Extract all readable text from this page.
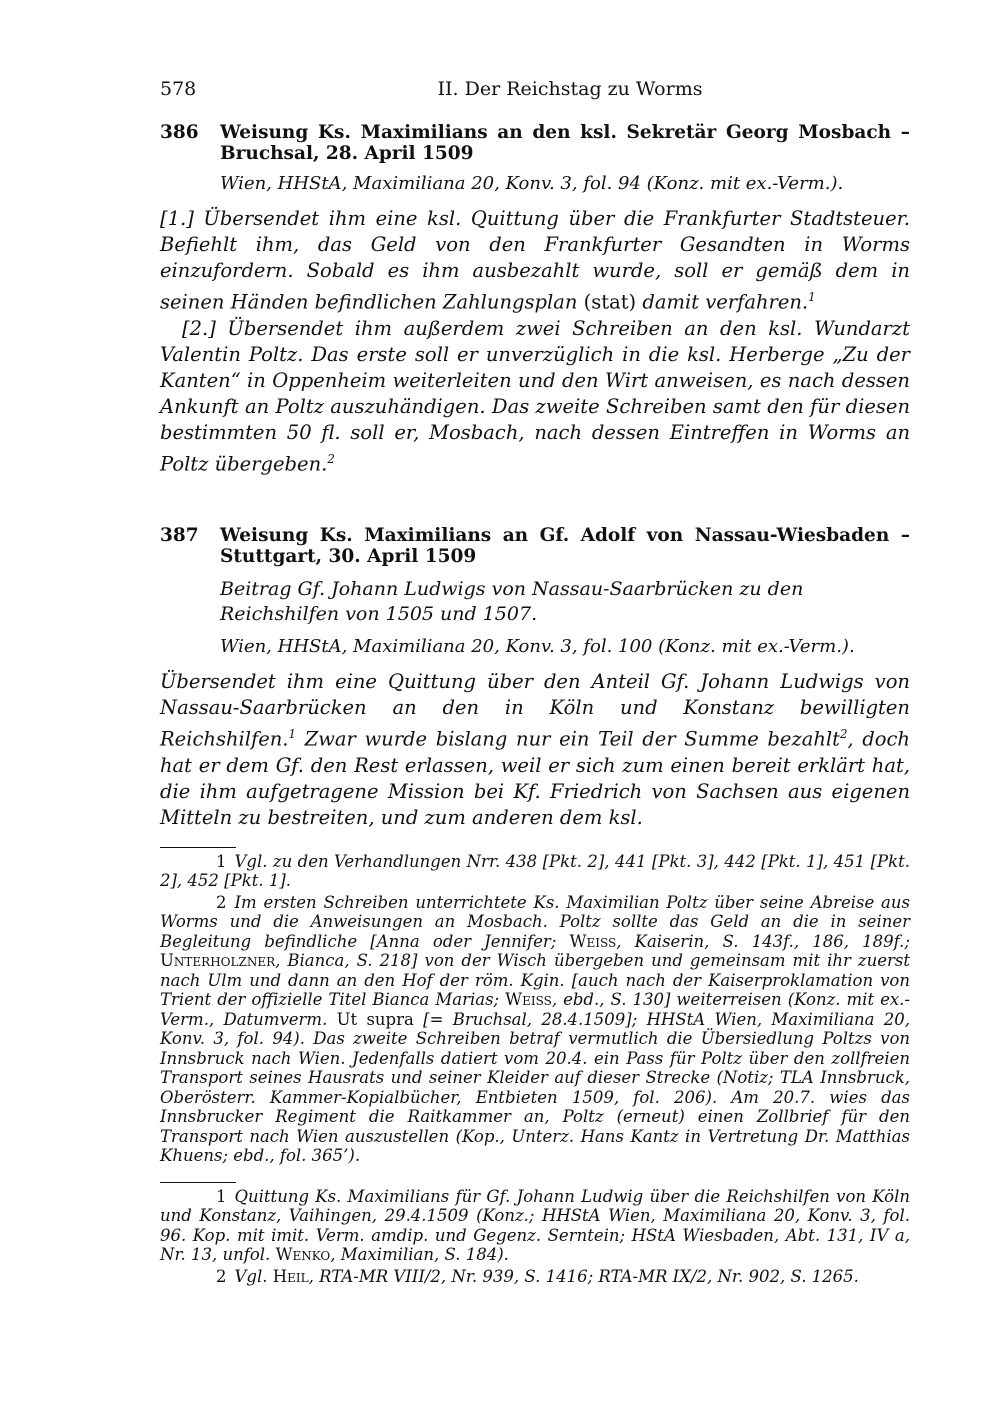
578	II. Der Reichstag zu Worms
386	Weisung Ks. Maximilians an den ksl. Sekretär Georg Mosbach – Bruchsal, 28. April 1509
Wien, HHStA, Maximiliana 20, Konv. 3, fol. 94 (Konz. mit ex.-Verm.).

[1.] Übersendet ihm eine ksl. Quittung über die Frankfurter Stadtsteuer. Befiehlt ihm, das Geld von den Frankfurter Gesandten in Worms einzufordern. Sobald es ihm ausbezahlt wurde, soll er gemäß dem in seinen Händen befindlichen Zahlungsplan (stat) damit verfahren.$^1$

[2.] Übersendet ihm außerdem zwei Schreiben an den ksl. Wundarzt Valentin Poltz. Das erste soll er unverzüglich in die ksl. Herberge „Zu der Kanten“ in Oppenheim weiterleiten und den Wirt anweisen, es nach dessen Ankunft an Poltz auszuhändigen. Das zweite Schreiben samt den für diesen bestimmten 50 fl. soll er, Mosbach, nach dessen Eintreffen in Worms an Poltz übergeben.$^2$

387	Weisung Ks. Maximilians an Gf. Adolf von Nassau-Wiesbaden – Stuttgart, 30. April 1509
Beitrag Gf. Johann Ludwigs von Nassau-Saarbrücken zu den Reichshilfen von 1505 und 1507.
Wien, HHStA, Maximiliana 20, Konv. 3, fol. 100 (Konz. mit ex.-Verm.).

Übersendet ihm eine Quittung über den Anteil Gf. Johann Ludwigs von Nassau-Saarbrücken an den in Köln und Konstanz bewilligten Reichshilfen.$^1$ Zwar wurde bislang nur ein Teil der Summe bezahlt$^2$, doch hat er dem Gf. den Rest erlassen, weil er sich zum einen bereit erklärt hat, die ihm aufgetragene Mission bei Kf. Friedrich von Sachsen aus eigenen Mitteln zu bestreiten, und zum anderen dem ksl.

1 Vgl. zu den Verhandlungen Nrr. 438 [Pkt. 2], 441 [Pkt. 3], 442 [Pkt. 1], 451 [Pkt. 2], 452 [Pkt. 1].

2 Im ersten Schreiben unterrichtete Ks. Maximilian Poltz über seine Abreise aus Worms und die Anweisungen an Mosbach. Poltz sollte das Geld an die in seiner Begleitung befindliche [Anna oder Jennifer; Weiss, Kaiserin, S. 143f., 186, 189f.; Unterholzner, Bianca, S. 218] von der Wisch übergeben und gemeinsam mit ihr zuerst nach Ulm und dann an den Hof der röm. Kgin. [auch nach der Kaiserproklamation von Trient der offizielle Titel Bianca Marias; Weiss, ebd., S. 130] weiterreisen (Konz. mit ex.-Verm., Datumverm. Ut supra [= Bruchsal, 28.4.1509]; HHStA Wien, Maximiliana 20, Konv. 3, fol. 94). Das zweite Schreiben betraf vermutlich die Übersiedlung Poltzs von Innsbruck nach Wien. Jedenfalls datiert vom 20.4. ein Pass für Poltz über den zollfreien Transport seines Hausrats und seiner Kleider auf dieser Strecke (Notiz; TLA Innsbruck, Oberösterr. Kammer-Kopialbücher, Entbieten 1509, fol. 206). Am 20.7. wies das Innsbrucker Regiment die Raitkammer an, Poltz (erneut) einen Zollbrief für den Transport nach Wien auszustellen (Kop., Unterz. Hans Kantz in Vertretung Dr. Matthias Khuens; ebd., fol. 365’).

1 Quittung Ks. Maximilians für Gf. Johann Ludwig über die Reichshilfen von Köln und Konstanz, Vaihingen, 29.4.1509 (Konz.; HHStA Wien, Maximiliana 20, Konv. 3, fol. 96. Kop. mit imit. Verm. amdip. und Gegenz. Serntein; HStA Wiesbaden, Abt. 131, IV a, Nr. 13, unfol. Wenko, Maximilian, S. 184).

2 Vgl. Heil, RTA-MR VIII/2, Nr. 939, S. 1416; RTA-MR IX/2, Nr. 902, S. 1265.
